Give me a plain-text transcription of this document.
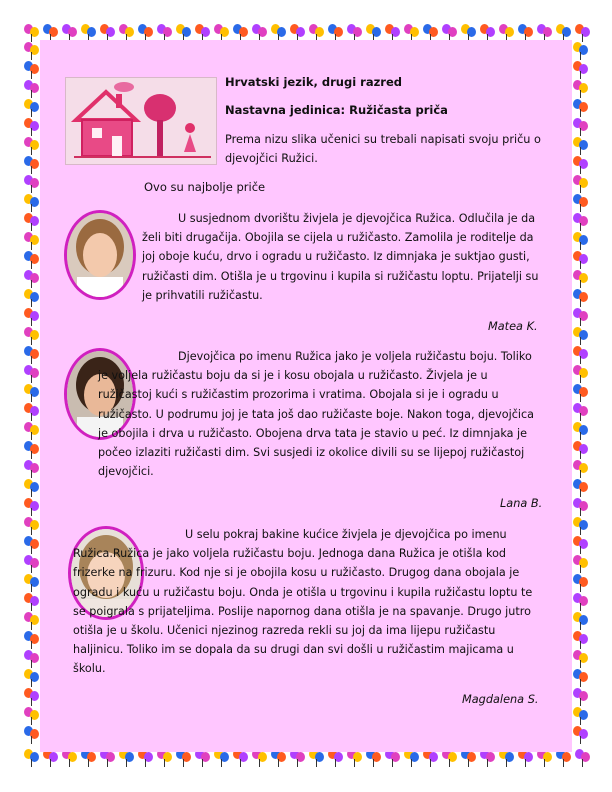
Hrvatski jezik, drugi razred
Nastavna jedinica: Ružičasta priča
Prema nizu slika učenici su trebali napisati svoju priču o djevojčici Ružici.
Ovo su najbolje priče
U susjednom dvorištu živjela je djevojčica Ružica. Odlučila je da želi biti drugačija. Obojila se cijela u ružičasto. Zamolila je roditelje da joj oboje kuću, drvo i ogradu u ružičasto. Iz dimnjaka je suktjao gusti, ružičasti dim. Otišla je u trgovinu i kupila si ružičastu loptu. Prijatelji su je prihvatili ružičastu.
Matea K.
Djevojčica po imenu Ružica jako je voljela ružičastu boju. Toliko je voljela ružičastu boju da si je i kosu obojala u ružičasto. Živjela je u ružičastoj kući s ružičastim prozorima i vratima. Obojala si je i ogradu u ružičasto. U podrumu joj je tata još dao ružičaste boje. Nakon toga, djevojčica je obojila i drva u ružičasto. Obojena drva tata je stavio u peć. Iz dimnjaka je počeo izlaziti ružičasti dim. Svi susjedi iz okolice divili su se lijepoj ružičastoj djevojčici.
Lana B.
U selu pokraj bakine kućice živjela je djevojčica po imenu Ružica.Ružica je jako voljela ružičastu boju. Jednoga dana Ružica je otišla kod frizerke na frizuru. Kod nje si je obojila kosu u ružičasto. Drugog dana obojala je ogradu i kuću u ružičastu boju. Onda je otišla u trgovinu i kupila ružičastu loptu te se poigrala s prijateljima. Poslije napornog dana otišla je na spavanje. Drugo jutro otišla je u školu. Učenici njezinog razreda rekli su joj da ima lijepu ružičastu haljinicu. Toliko im se dopala da su drugi dan svi došli u ružičastim majicama u školu.
Magdalena S.
